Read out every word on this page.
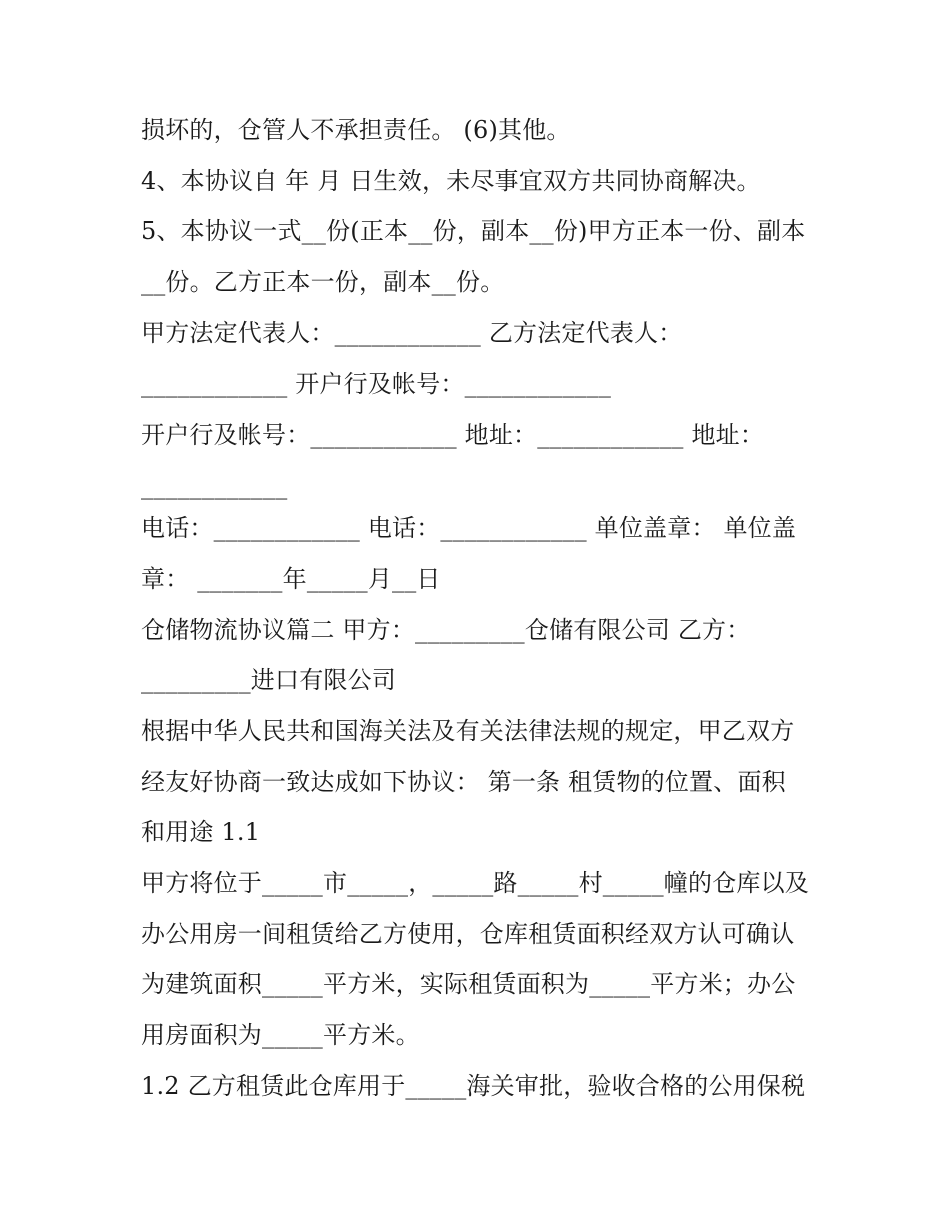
损坏的，仓管人不承担责任。 (6)其他。
4、本协议自 年 月 日生效，未尽事宜双方共同协商解决。
5、本协议一式__份(正本__份，副本__份)甲方正本一份、副本
__份。乙方正本一份，副本__份。
甲方法定代表人：____________ 乙方法定代表人：
____________ 开户行及帐号：____________
开户行及帐号：____________ 地址：____________ 地址：
____________
电话：____________ 电话：____________ 单位盖章： 单位盖
章： _______年_____月__日
仓储物流协议篇二 甲方：_________仓储有限公司 乙方：
_________进口有限公司
根据中华人民共和国海关法及有关法律法规的规定，甲乙双方
经友好协商一致达成如下协议： 第一条 租赁物的位置、面积
和用途 1.1
甲方将位于_____市_____，_____路_____村_____幢的仓库以及
办公用房一间租赁给乙方使用，仓库租赁面积经双方认可确认
为建筑面积_____平方米，实际租赁面积为_____平方米；办公
用房面积为_____平方米。
1.2 乙方租赁此仓库用于_____海关审批，验收合格的公用保税
